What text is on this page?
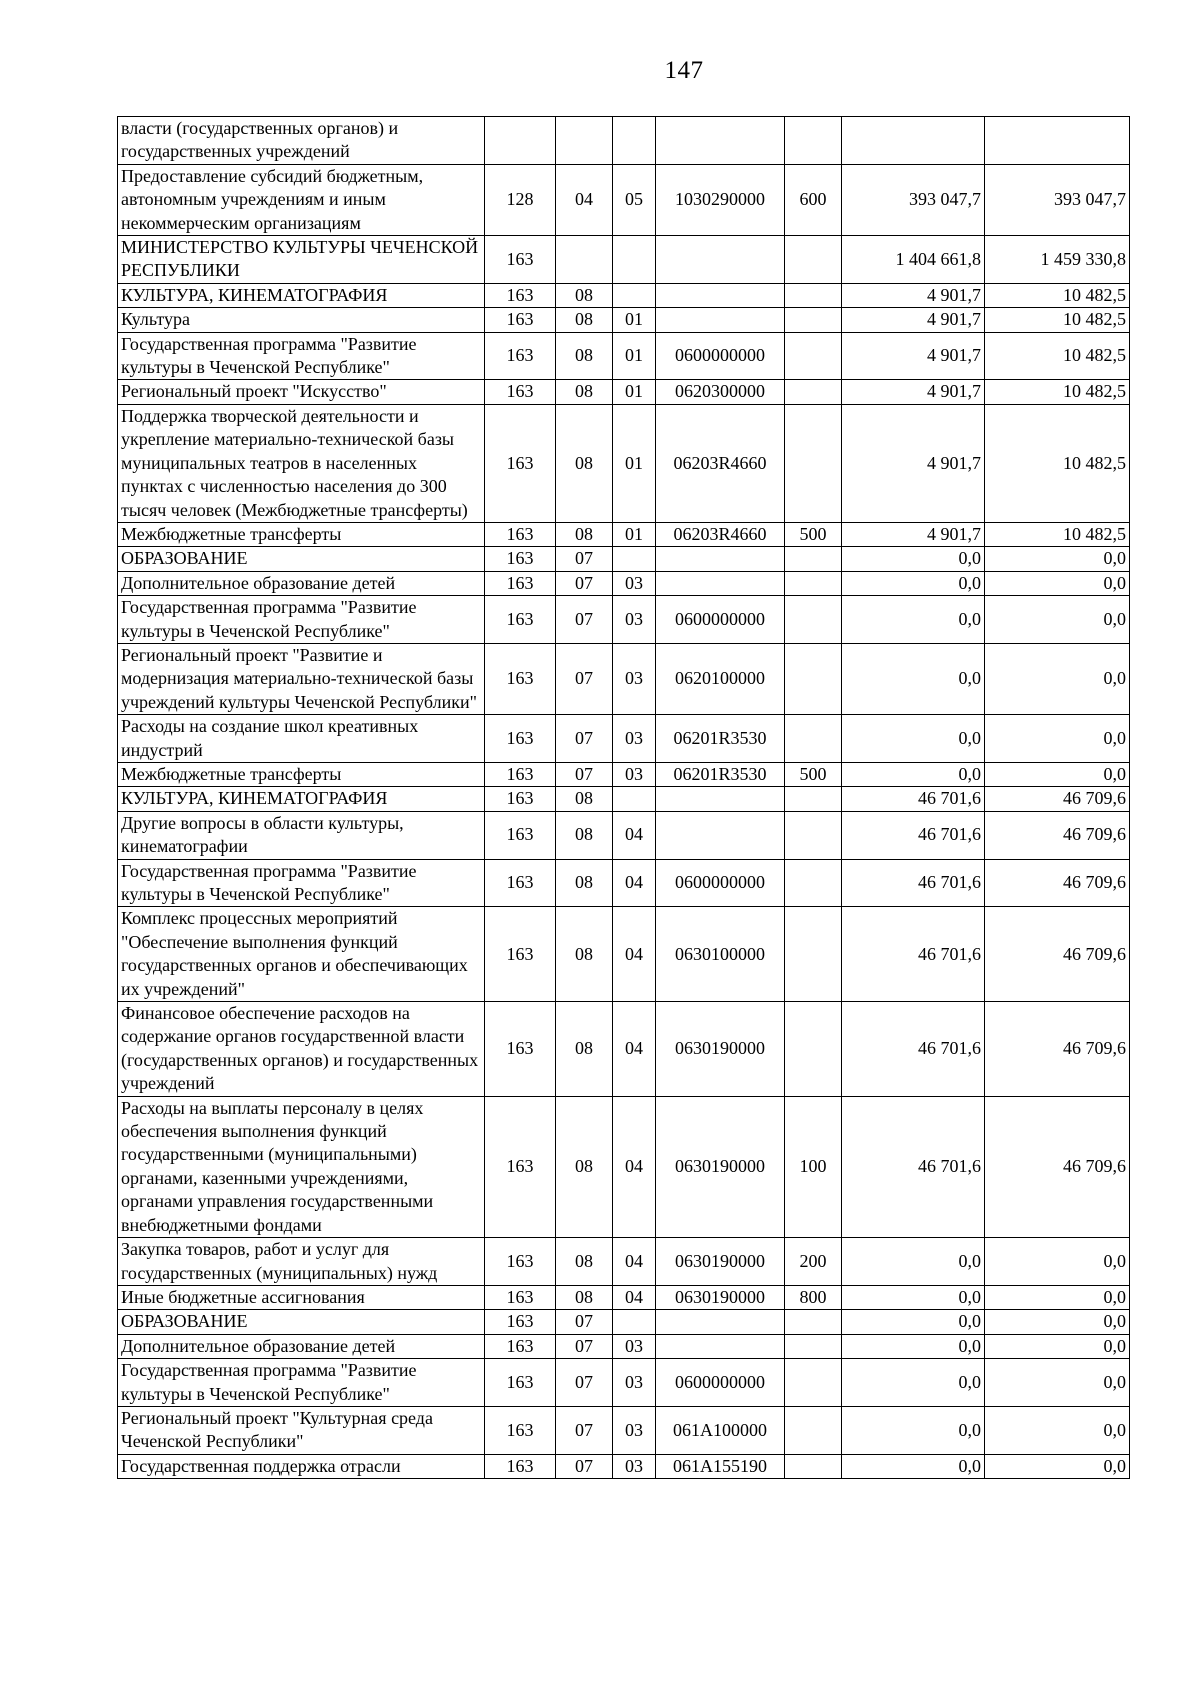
147
власти (государственных органов) и государственных учреждений							
Предоставление субсидий бюджетным, автономным учреждениям и иным некоммерческим организациям	128	04	05	1030290000	600	393 047,7	393 047,7
МИНИСТЕРСТВО КУЛЬТУРЫ ЧЕЧЕНСКОЙ РЕСПУБЛИКИ	163					1 404 661,8	1 459 330,8
КУЛЬТУРА, КИНЕМАТОГРАФИЯ	163	08				4 901,7	10 482,5
Культура	163	08	01			4 901,7	10 482,5
Государственная программа "Развитие культуры в Чеченской Республике"	163	08	01	0600000000		4 901,7	10 482,5
Региональный проект "Искусство"	163	08	01	0620300000		4 901,7	10 482,5
Поддержка творческой деятельности и укрепление материально-технической базы муниципальных театров в населенных пунктах с численностью населения до 300 тысяч человек (Межбюджетные трансферты)	163	08	01	06203R4660		4 901,7	10 482,5
Межбюджетные трансферты	163	08	01	06203R4660	500	4 901,7	10 482,5
ОБРАЗОВАНИЕ	163	07				0,0	0,0
Дополнительное образование детей	163	07	03			0,0	0,0
Государственная программа "Развитие культуры в Чеченской Республике"	163	07	03	0600000000		0,0	0,0
Региональный проект "Развитие и модернизация материально-технической базы учреждений культуры Чеченской Республики"	163	07	03	0620100000		0,0	0,0
Расходы на создание школ креативных индустрий	163	07	03	06201R3530		0,0	0,0
Межбюджетные трансферты	163	07	03	06201R3530	500	0,0	0,0
КУЛЬТУРА, КИНЕМАТОГРАФИЯ	163	08				46 701,6	46 709,6
Другие вопросы в области культуры, кинематографии	163	08	04			46 701,6	46 709,6
Государственная программа "Развитие культуры в Чеченской Республике"	163	08	04	0600000000		46 701,6	46 709,6
Комплекс процессных мероприятий "Обеспечение выполнения функций государственных органов и обеспечивающих их учреждений"	163	08	04	0630100000		46 701,6	46 709,6
Финансовое обеспечение расходов на содержание органов государственной власти (государственных органов) и государственных учреждений	163	08	04	0630190000		46 701,6	46 709,6
Расходы на выплаты персоналу в целях обеспечения выполнения функций государственными (муниципальными) органами, казенными учреждениями, органами управления государственными внебюджетными фондами	163	08	04	0630190000	100	46 701,6	46 709,6
Закупка товаров, работ и услуг для государственных (муниципальных) нужд	163	08	04	0630190000	200	0,0	0,0
Иные бюджетные ассигнования	163	08	04	0630190000	800	0,0	0,0
ОБРАЗОВАНИЕ	163	07				0,0	0,0
Дополнительное образование детей	163	07	03			0,0	0,0
Государственная программа "Развитие культуры в Чеченской Республике"	163	07	03	0600000000		0,0	0,0
Региональный проект "Культурная среда Чеченской Республики"	163	07	03	061A100000		0,0	0,0
Государственная поддержка отрасли	163	07	03	061A155190		0,0	0,0
